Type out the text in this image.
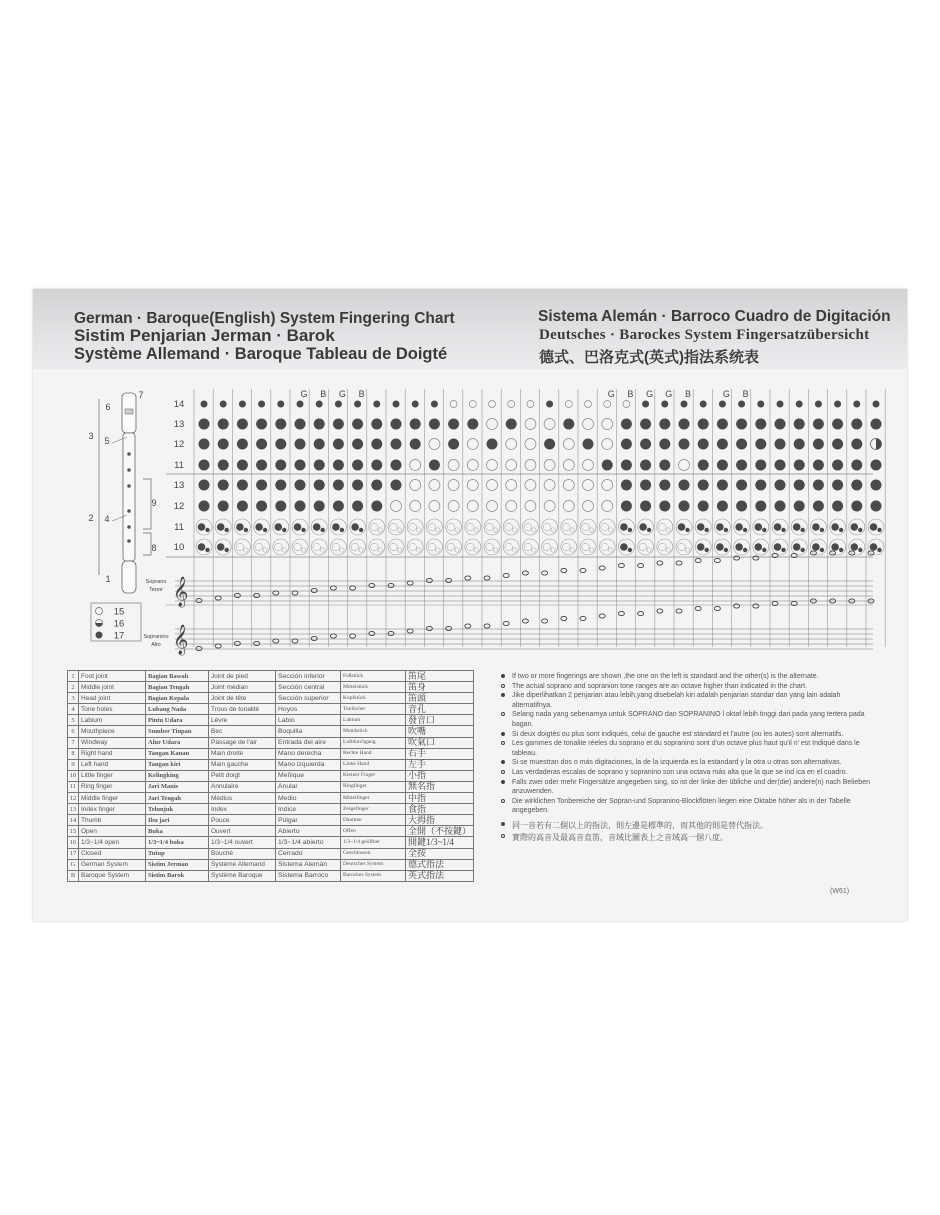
German · Baroque(English) System Fingering Chart
Sistim Penjarian Jerman · Barok
Système Allemand · Baroque Tableau de Doigté
Sistema Alemán · Barroco Cuadro de Digitación
Deutsches · Barockes System Fingersatzübersicht
德式、巴洛克式(英式)指法系统表
14
13
12
11
13
12
11
10
G B G B	G B G G B	G B
𝄞
Soprano
Tenor
𝄞
Sopranino
Alto
1
2
3
4
5
6
7
8
9
15
16
17
1	Foot joint	Bagian Bawah	Joint de pied	Sección inferior	Fußstück	笛尾
2	Middle joint	Bagian Tengah	Joint médian	Sección central	Mittelstück	笛身
3	Head joint	Bagian Kepala	Joint de tête	Sección superior	Kopfstück	笛頭
4	Tone holes	Lubang Nada	Trous de tonalité	Hoyos	Tonlöcher	音孔
5	Labium	Pintu Udara	Lèvre	Labio	Labium	發音口
6	Mouthpiece	Sumber Tiupan	Bec	Boquilla	Mundstück	吹嘴
7	Windway	Alur Udara	Passage de l'air	Entrada del aire	Luftdurchgang	吹氣口
8	Right hand	Tangan Kanan	Main droite	Mano derecha	Rechte Hand	右手
9	Left hand	Tangan kiri	Main gauche	Mano izquierda	Linke Hand	左手
10	Little finger	Kelingking	Petit doigt	Meñique	Kleiner Finger	小指
11	Ring finger	Jari Manis	Annulaire	Anular	Ringfinger	無名指
12	Middle finger	Jari Tengah	Médius	Medio	Mittelfinger	中指
13	Index finger	Telunjuk	Index	Indice	Zeigefinger	食指
14	Thumb	Ibu jari	Pouce	Pulgar	Daumen	大拇指
15	Open	Buka	Ouvert	Abierto	Offen	全開（不按鍵）
16	1/3~1/4 open	1/3~1/4 buka	1/3~1/4 ouvert	1/3~1/4 abierto	1/3~1/4 geöffnet	開鍵1/3~1/4
17	Closed	Tutup	Bouché	Cerrado	Geschlossen	全按
G	German System	Sistim Jerman	Système Allemand	Sistema Alemán	Deutsches System	德式指法
B	Baroque System	Sistim Barok	Système Baroque	Sistema Barroco	Barockes System	英式指法
If two or more fingerings are shown ,the one on the left is standard and the other(s) is the alternate.
The actual soprano and sopranion tone ranges are an octave higher than indicated in the chart.
Jike diperlihatkan 2 penjarian atau lebih,yang disebelah kiri adalah penjarian standar dan yang lain adalah alternatifnya.
Selang nada yang sebenarnya untuk SOPRANO dan SOPRANINO l oktaf lebih tinggi dari pada yang tertera pada bagan.
Si deux doigtés ou plus sont indiqués, celui de gauche est standard et l'autre (ou les autes) sont alternatifs.
Les gammes de tonalite réeles du soprano et du sopranino sont d'un octave plus haut qu'il n' est Indiqué dans le tableau.
Si se muestran dos o más digitaciones, la de la izquierda es la estandard y la otra u otras son alternativas.
Las verdaderas escalas de soprano y sopranino son una octava más alta que la que se ind ica en el cuadro.
Falls zwei oder mehr Fingersätze angegeben sing, so ist der linke der übliche und der(die) andere(n) nach Belieben anzuwenden.
Die wirklichen Tonbereiche der Sopran-und Sopranino-Blockflöten liegen eine Oktabe höher als in der Tabelle angegeben.
同一音若有二個以上的指法，則左邊是標準的，而其他的則是替代指法。
實際的高音及最高音直笛，音域比圖表上之音域高一個八度。
(W61)
